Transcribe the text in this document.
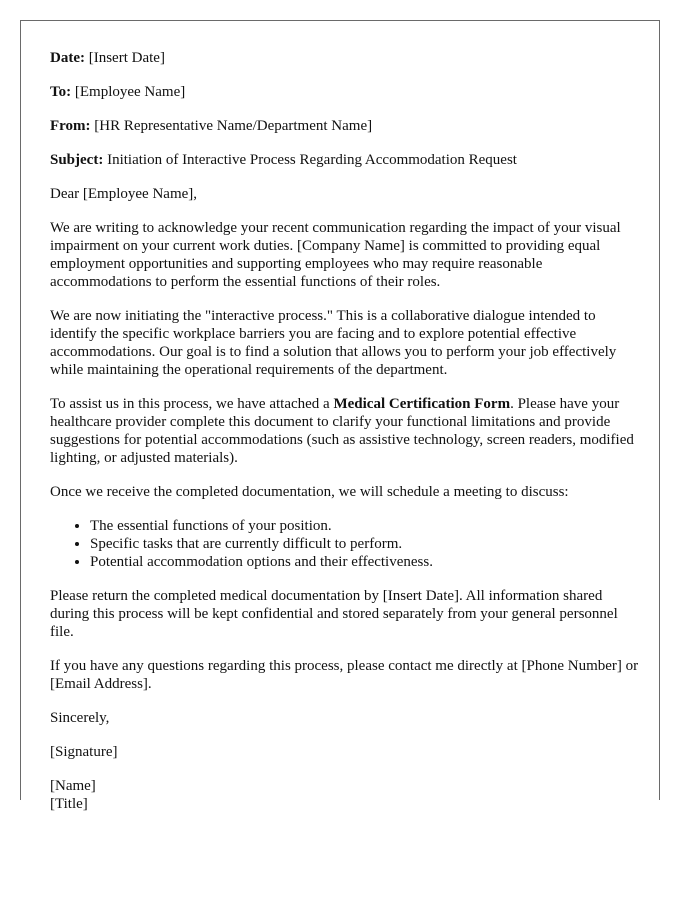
Date: [Insert Date]

To: [Employee Name]

From: [HR Representative Name/Department Name]

Subject: Initiation of Interactive Process Regarding Accommodation Request

Dear [Employee Name],

We are writing to acknowledge your recent communication regarding the impact of your visual impairment on your current work duties. [Company Name] is committed to providing equal employment opportunities and supporting employees who may require reasonable accommodations to perform the essential functions of their roles.

We are now initiating the "interactive process." This is a collaborative dialogue intended to identify the specific workplace barriers you are facing and to explore potential effective accommodations. Our goal is to find a solution that allows you to perform your job effectively while maintaining the operational requirements of the department.

To assist us in this process, we have attached a Medical Certification Form. Please have your healthcare provider complete this document to clarify your functional limitations and provide suggestions for potential accommodations (such as assistive technology, screen readers, modified lighting, or adjusted materials).

Once we receive the completed documentation, we will schedule a meeting to discuss:

• The essential functions of your position.
• Specific tasks that are currently difficult to perform.
• Potential accommodation options and their effectiveness.

Please return the completed medical documentation by [Insert Date]. All information shared during this process will be kept confidential and stored separately from your general personnel file.

If you have any questions regarding this process, please contact me directly at [Phone Number] or [Email Address].

Sincerely,

[Signature]

[Name]

[Title]
